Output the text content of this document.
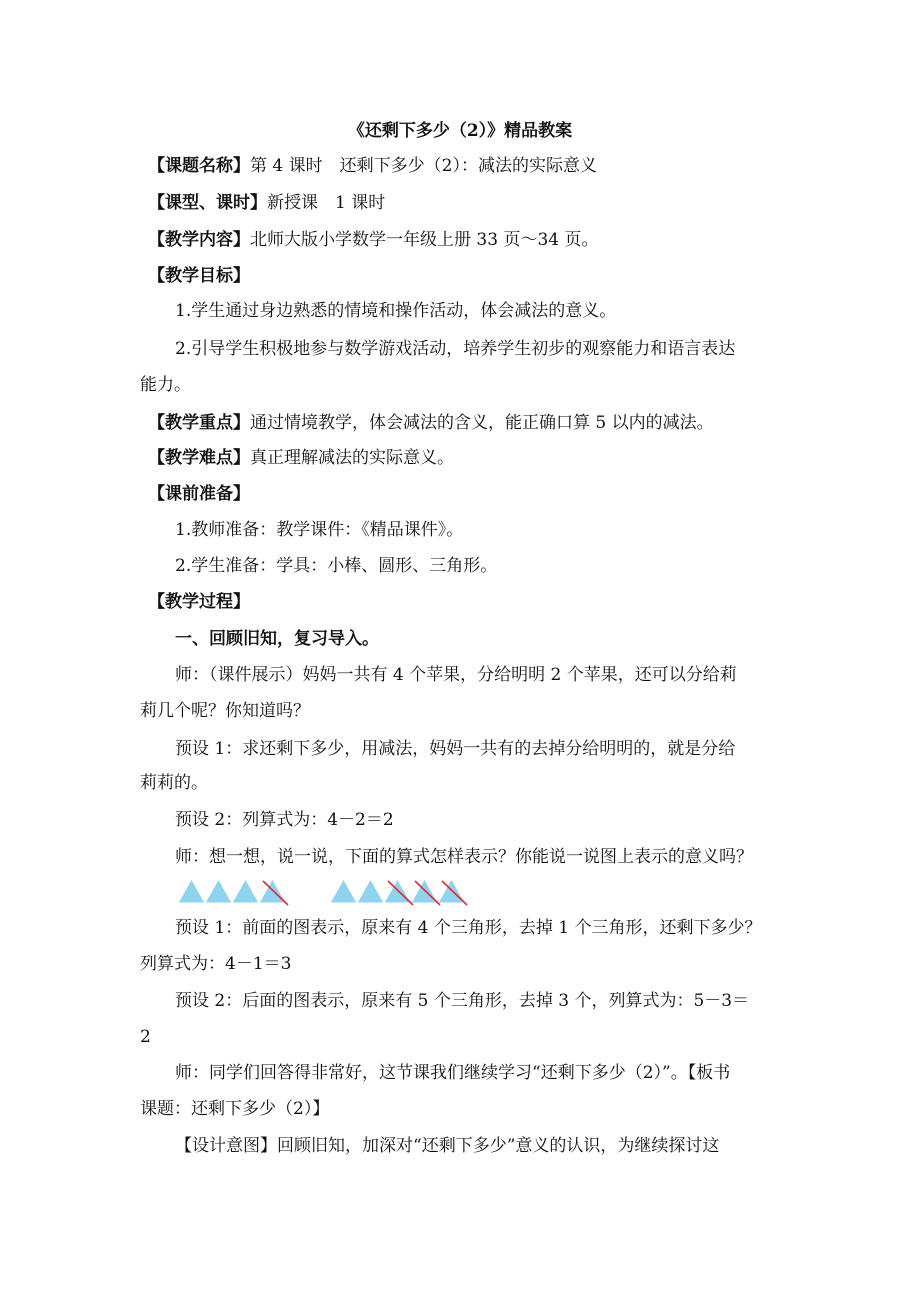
《还剩下多少（2）》精品教案
【课题名称】第 4 课时　还剩下多少（2）：减法的实际意义
【课型、课时】新授课　1 课时
【教学内容】北师大版小学数学一年级上册 33 页～34 页。
【教学目标】
1.学生通过身边熟悉的情境和操作活动，体会减法的意义。
2.引导学生积极地参与数学游戏活动，培养学生初步的观察能力和语言表达
能力。
【教学重点】通过情境教学，体会减法的含义，能正确口算 5 以内的减法。
【教学难点】真正理解减法的实际意义。
【课前准备】
1.教师准备：教学课件：《精品课件》。
2.学生准备：学具：小棒、圆形、三角形。
【教学过程】
一、回顾旧知，复习导入。
师：（课件展示）妈妈一共有 4 个苹果，分给明明 2 个苹果，还可以分给莉
莉几个呢？你知道吗？
预设 1：求还剩下多少，用减法，妈妈一共有的去掉分给明明的，就是分给
莉莉的。
预设 2：列算式为：4－2＝2
师：想一想，说一说，下面的算式怎样表示？你能说一说图上表示的意义吗？
预设 1：前面的图表示，原来有 4 个三角形，去掉 1 个三角形，还剩下多少？
列算式为：4－1＝3
预设 2：后面的图表示，原来有 5 个三角形，去掉 3 个，列算式为：5－3＝
2
师：同学们回答得非常好，这节课我们继续学习“还剩下多少（2）”。【板书
课题：还剩下多少（2）】
【设计意图】回顾旧知，加深对“还剩下多少”意义的认识，为继续探讨这
